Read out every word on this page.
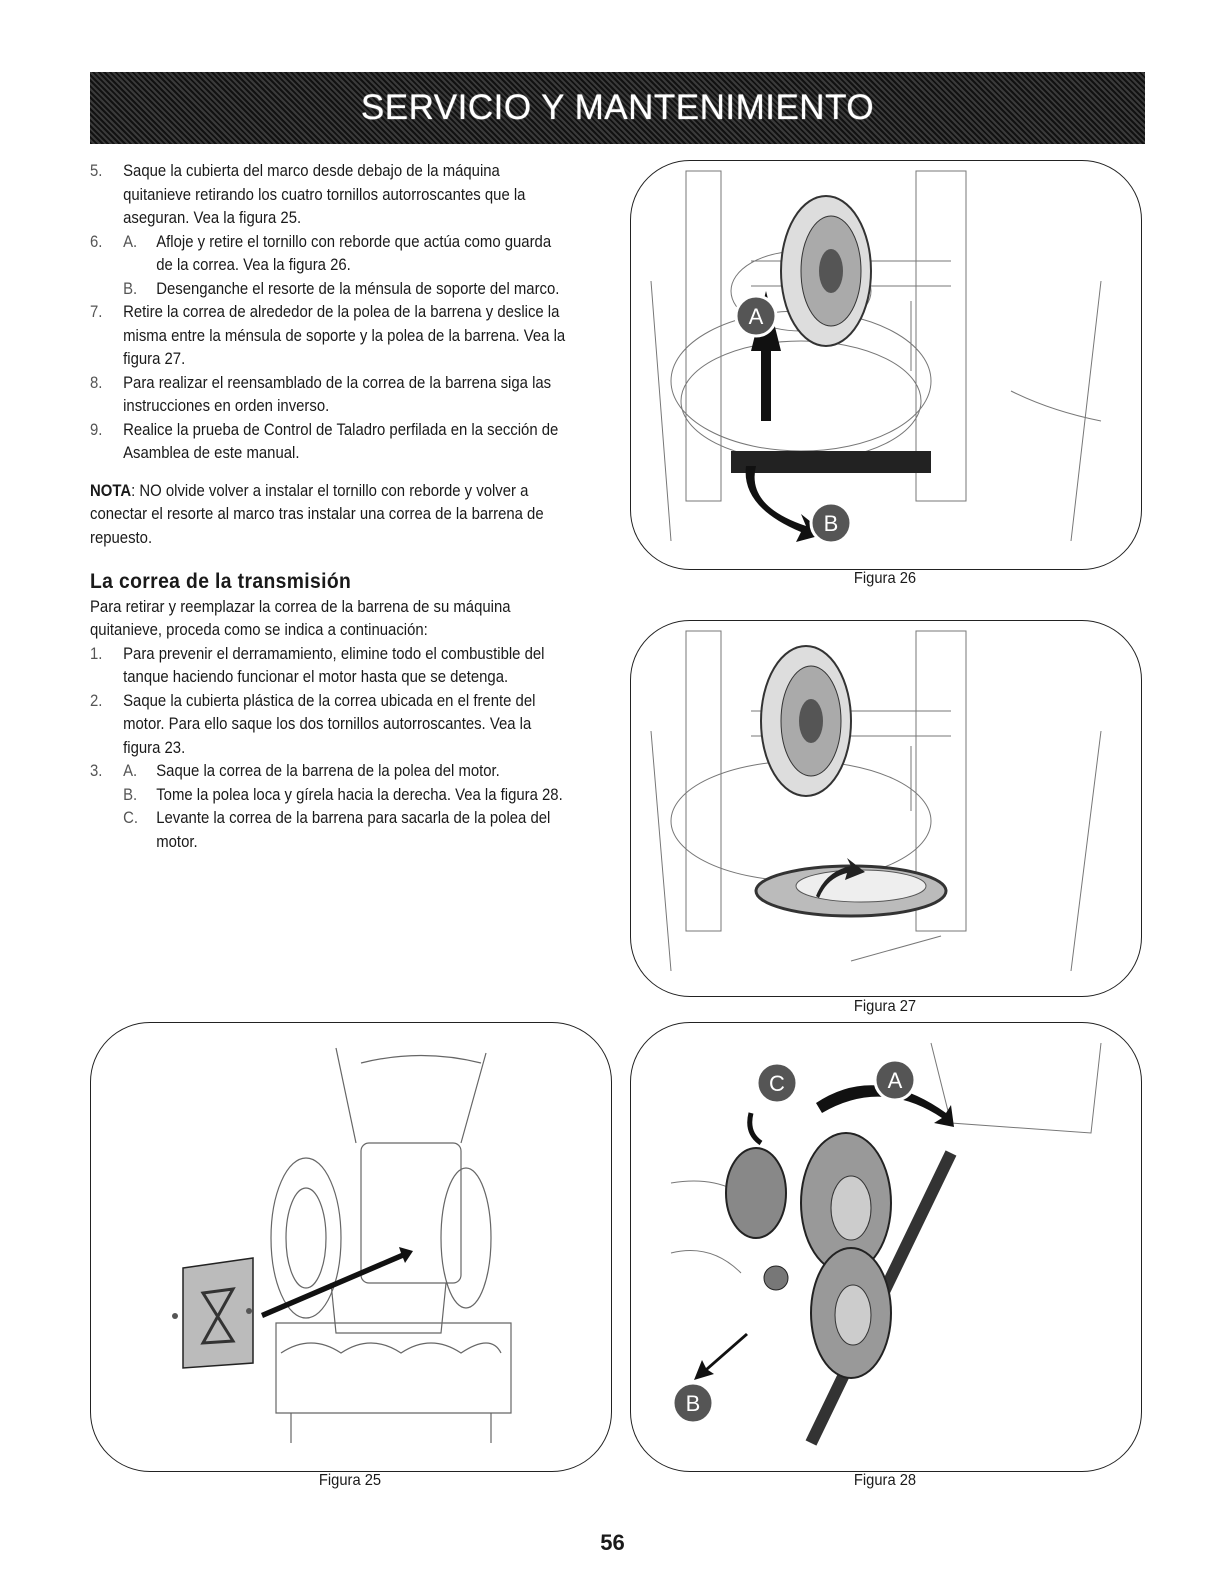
SERVICIO Y MANTENIMIENTO
5. Saque la cubierta del marco desde debajo de la máquina quitanieve retirando los cuatro tornillos autorroscantes que la aseguran. Vea la figura 25.
6. A. Afloje y retire el tornillo con reborde que actúa como guarda de la correa. Vea la figura 26.
B. Desenganche el resorte de la ménsula de soporte del marco.
7. Retire la correa de alrededor de la polea de la barrena y deslice la misma entre la ménsula de soporte y la polea de la barrena. Vea la figura 27.
8. Para realizar el reensamblado de la correa de la barrena siga las instrucciones en orden inverso.
9. Realice la prueba de Control de Taladro perfilada en la sección de Asamblea de este manual.
NOTA: NO olvide volver a instalar el tornillo con reborde y volver a conectar el resorte al marco tras instalar una correa de la barrena de repuesto.
La correa de la transmisión
Para retirar y reemplazar la correa de la barrena de su máquina quitanieve, proceda como se indica a continuación:
1. Para prevenir el derramamiento, elimine todo el combustible del tanque haciendo funcionar el motor hasta que se detenga.
2. Saque la cubierta plástica de la correa ubicada en el frente del motor. Para ello saque los dos tornillos autorroscantes. Vea la figura 23.
3. A. Saque la correa de la barrena de la polea del motor.
B. Tome la polea loca y gírela hacia la derecha. Vea la figura 28.
C. Levante la correa de la barrena para sacarla de la polea del motor.
A
B
Figura 26
Figura 27
Figura 25
C	A
B
Figura 28
56
